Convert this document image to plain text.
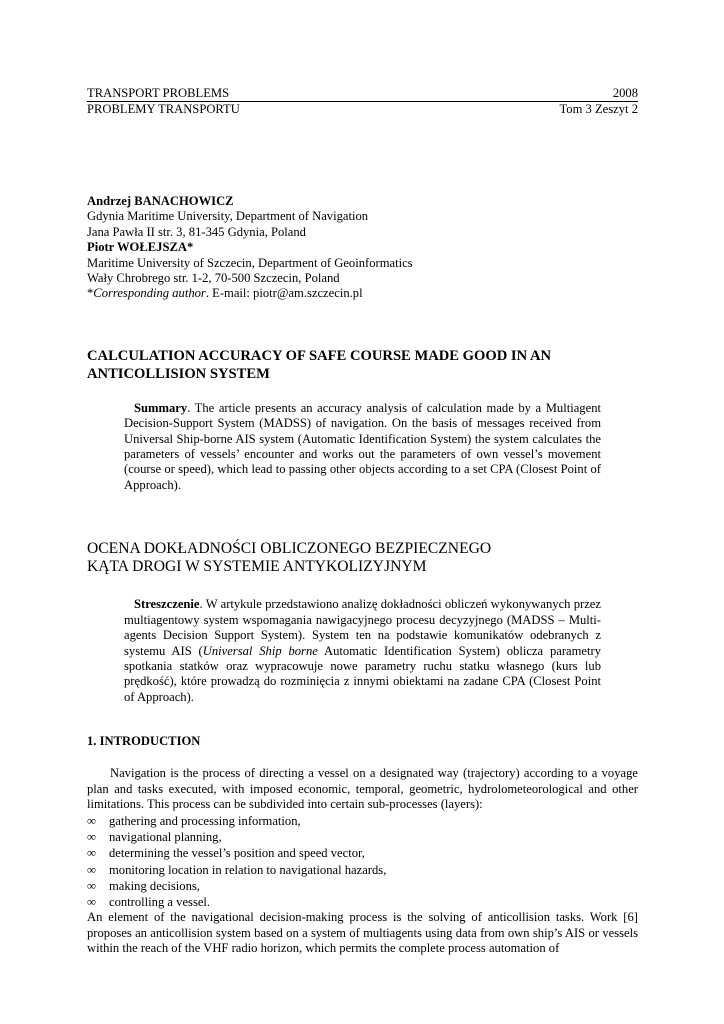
TRANSPORT PROBLEMS	2008
PROBLEMY TRANSPORTU	Tom 3 Zeszyt 2
Andrzej BANACHOWICZ
Gdynia Maritime University, Department of Navigation
Jana Pawła II str. 3, 81-345 Gdynia, Poland
Piotr WOŁEJSZA*
Maritime University of Szczecin, Department of Geoinformatics
Wały Chrobrego str. 1-2, 70-500 Szczecin, Poland
*Corresponding author. E-mail: piotr@am.szczecin.pl
CALCULATION ACCURACY OF SAFE COURSE MADE GOOD IN AN
ANTICOLLISION SYSTEM
Summary. The article presents an accuracy analysis of calculation made by a Multiagent Decision-Support System (MADSS) of navigation. On the basis of messages received from Universal Ship-borne AIS system (Automatic Identification System) the system calculates the parameters of vessels’ encounter and works out the parameters of own vessel’s movement (course or speed), which lead to passing other objects according to a set CPA (Closest Point of Approach).
OCENA DOKŁADNOŚCI OBLICZONEGO BEZPIECZNEGO
KĄTA DROGI W SYSTEMIE ANTYKOLIZYJNYM
Streszczenie. W artykule przedstawiono analizę dokładności obliczeń wykonywanych przez multiagentowy system wspomagania nawigacyjnego procesu decyzyjnego (MADSS – Multi-agents Decision Support System). System ten na podstawie komunikatów odebranych z systemu AIS (Universal Ship borne Automatic Identification System) oblicza parametry spotkania statków oraz wypracowuje nowe parametry ruchu statku własnego (kurs lub prędkość), które prowadzą do rozminięcia z innymi obiektami na zadane CPA (Closest Point of Approach).
1. INTRODUCTION
Navigation is the process of directing a vessel on a designated way (trajectory) according to a voyage plan and tasks executed, with imposed economic, temporal, geometric, hydrolometeorological and other limitations. This process can be subdivided into certain sub-processes (layers):
∞	gathering and processing information,
∞	navigational planning,
∞	determining the vessel’s position and speed vector,
∞	monitoring location in relation to navigational hazards,
∞	making decisions,
∞	controlling a vessel.
An element of the navigational decision-making process is the solving of anticollision tasks. Work [6] proposes an anticollision system based on a system of multiagents using data from own ship’s AIS or vessels within the reach of the VHF radio horizon, which permits the complete process automation of
